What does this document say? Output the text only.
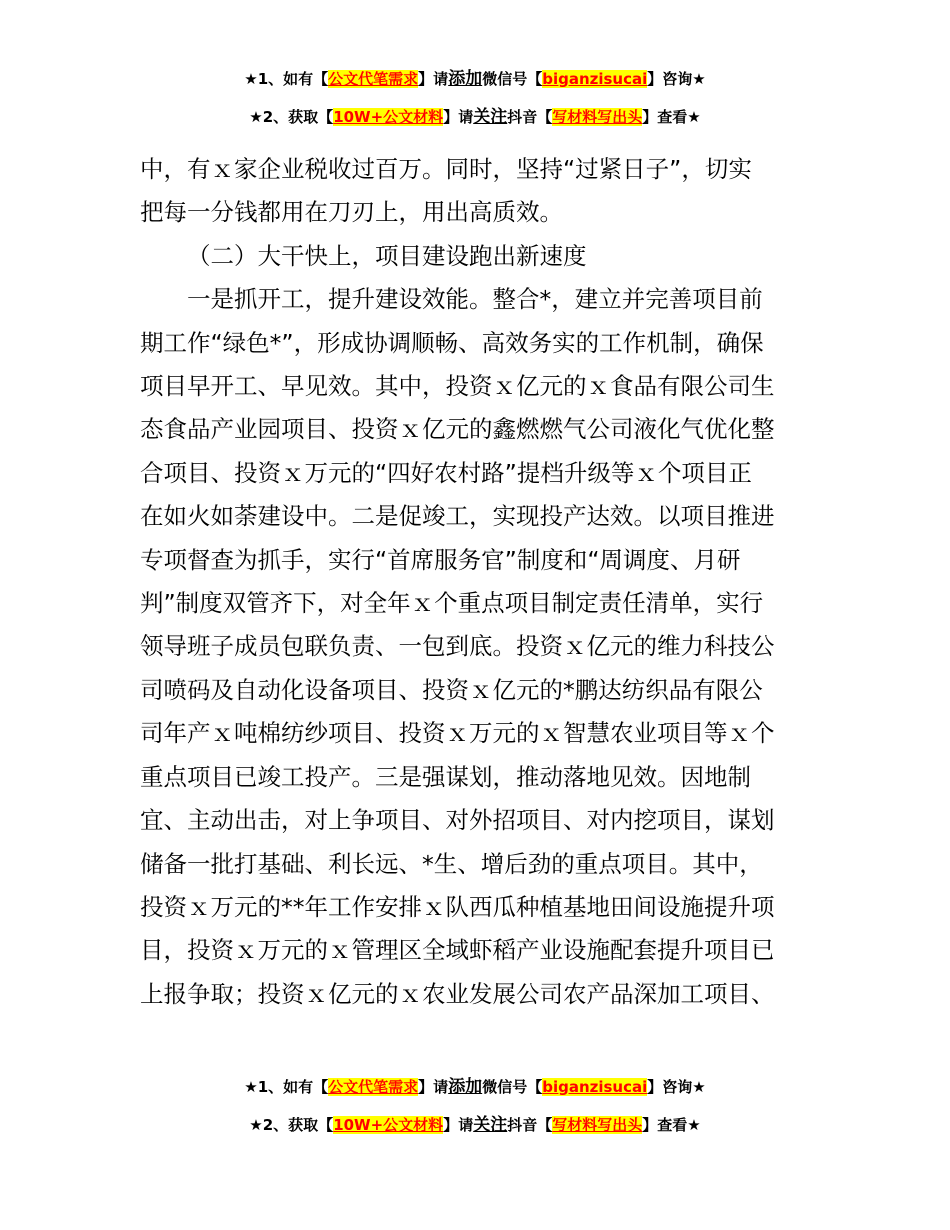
★1、如有【公文代笔需求】请添加微信号【biganzisucai】咨询★
★2、获取【10W+公文材料】请关注抖音【写材料写出头】查看★

中，有ｘ家企业税收过百万。同时，坚持“过紧日子”，切实

把每一分钱都用在刀刃上，用出高质效。

（二）大干快上，项目建设跑出新速度

一是抓开工，提升建设效能。整合*，建立并完善项目前

期工作“绿色*”，形成协调顺畅、高效务实的工作机制，确保

项目早开工、早见效。其中，投资ｘ亿元的ｘ食品有限公司生

态食品产业园项目、投资ｘ亿元的鑫燃燃气公司液化气优化整

合项目、投资ｘ万元的“四好农村路”提档升级等ｘ个项目正

在如火如荼建设中。二是促竣工，实现投产达效。以项目推进

专项督查为抓手，实行“首席服务官”制度和“周调度、月研

判”制度双管齐下，对全年ｘ个重点项目制定责任清单，实行

领导班子成员包联负责、一包到底。投资ｘ亿元的维力科技公

司喷码及自动化设备项目、投资ｘ亿元的*鹏达纺织品有限公

司年产ｘ吨棉纺纱项目、投资ｘ万元的ｘ智慧农业项目等ｘ个

重点项目已竣工投产。三是强谋划，推动落地见效。因地制

宜、主动出击，对上争项目、对外招项目、对内挖项目，谋划

储备一批打基础、利长远、*生、增后劲的重点项目。其中，

投资ｘ万元的**年工作安排ｘ队西瓜种植基地田间设施提升项

目，投资ｘ万元的ｘ管理区全域虾稻产业设施配套提升项目已

上报争取；投资ｘ亿元的ｘ农业发展公司农产品深加工项目、

★1、如有【公文代笔需求】请添加微信号【biganzisucai】咨询★
★2、获取【10W+公文材料】请关注抖音【写材料写出头】查看★
